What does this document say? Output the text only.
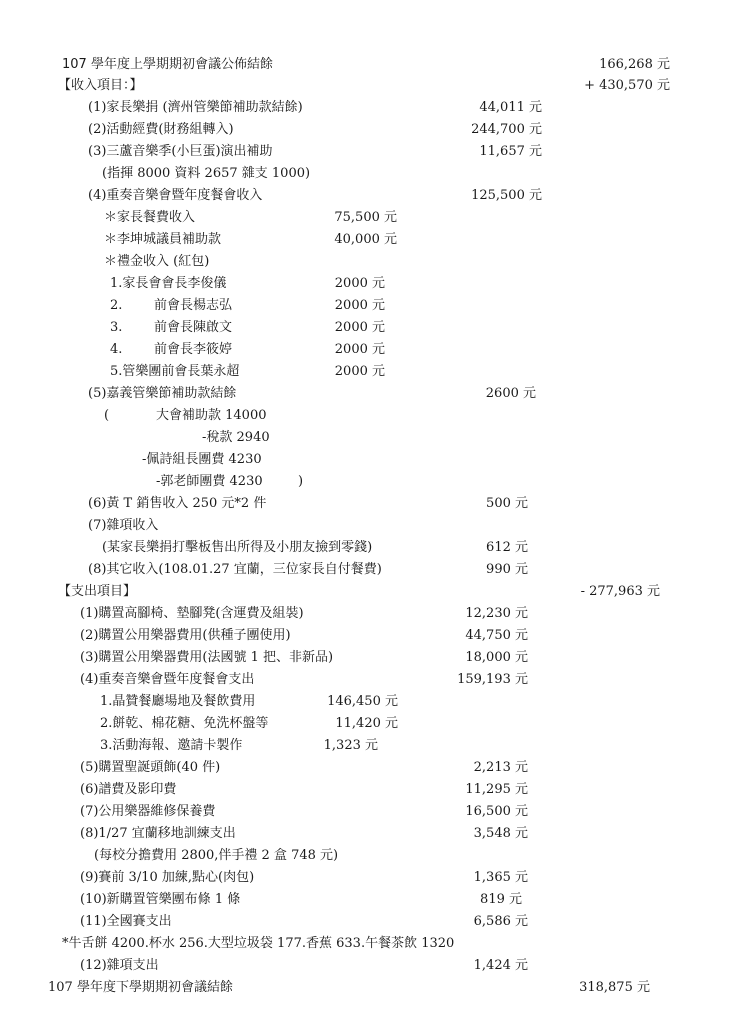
107 學年度上學期期初會議公佈結餘	166,268 元
【收入項目：】	+ 430,570 元
(1)家長樂捐 (濟州管樂節補助款結餘)	44,011 元
(2)活動經費(財務組轉入)	244,700 元
(3)三蘆音樂季(小巨蛋)演出補助	11,657 元
(指揮 8000 資料 2657 雜支 1000)
(4)重奏音樂會暨年度餐會收入	125,500 元
＊家長餐費收入	75,500 元
＊李坤城議員補助款	40,000 元
＊禮金收入 (紅包)
1.家長會會長李俊儀	2000 元
2. 前會長楊志弘	2000 元
3. 前會長陳啟文	2000 元
4. 前會長李筱婷	2000 元
5.管樂團前會長葉永超	2000 元
(5)嘉義管樂節補助款結餘	2600 元
(	大會補助款 14000
-稅款 2940
-佩詩組長團費 4230
-郭老師團費 4230	)
(6)黃 T 銷售收入 250 元*2 件	500 元
(7)雜項收入
(某家長樂捐打擊板售出所得及小朋友撿到零錢)	612 元
(8)其它收入(108.01.27 宜蘭，三位家長自付餐費)	990 元
【支出項目】	- 277,963 元
(1)購置高腳椅、墊腳凳(含運費及組裝)	12,230 元
(2)購置公用樂器費用(供種子團使用)	44,750 元
(3)購置公用樂器費用(法國號 1 把、非新品)	18,000 元
(4)重奏音樂會暨年度餐會支出	159,193 元
1.晶贊餐廳場地及餐飲費用	146,450 元
2.餅乾、棉花糖、免洗杯盤等	11,420 元
3.活動海報、邀請卡製作	1,323 元
(5)購置聖誕頭飾(40 件)	2,213 元
(6)譜費及影印費	11,295 元
(7)公用樂器維修保養費	16,500 元
(8)1/27 宜蘭移地訓練支出	3,548 元
(每校分擔費用 2800,伴手禮 2 盒 748 元)
(9)賽前 3/10 加練,點心(肉包)	1,365 元
(10)新購置管樂團布條 1 條	819 元
(11)全國賽支出	6,586 元
*牛舌餅 4200.杯水 256.大型垃圾袋 177.香蕉 633.午餐茶飲 1320
(12)雜項支出	1,424 元
107 學年度下學期期初會議結餘	318,875 元
